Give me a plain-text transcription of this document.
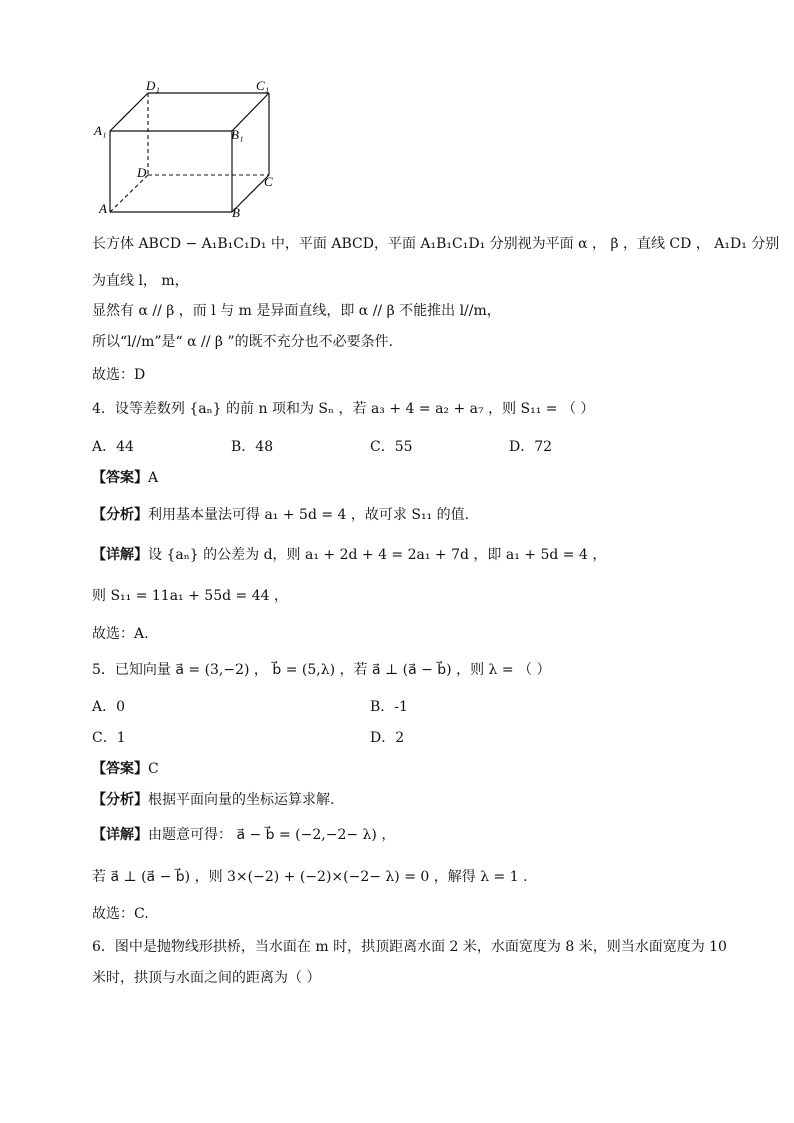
D₁	C₁
A₁	B₁
D
C
A	B
长方体 ABCD − A₁B₁C₁D₁ 中，平面 ABCD，平面 A₁B₁C₁D₁ 分别视为平面 α ， β ，直线 CD ， A₁D₁ 分别
为直线 l， m，
显然有 α // β ，而 l 与 m 是异面直线，即 α // β 不能推出 l//m，
所以“l//m”是“ α // β ”的既不充分也不必要条件.
故选：D
4．设等差数列 {aₙ} 的前 n 项和为 Sₙ ，若 a₃ + 4 = a₂ + a₇ ，则 S₁₁ = （ ）
A．44	B．48	C．55	D．72
【答案】A
【分析】利用基本量法可得 a₁ + 5d = 4 ，故可求 S₁₁ 的值.
【详解】设 {aₙ} 的公差为 d，则 a₁ + 2d + 4 = 2a₁ + 7d ，即 a₁ + 5d = 4 ，
则 S₁₁ = 11a₁ + 55d = 44 ，
故选：A.
5．已知向量 a⃗ = (3,−2) ， b⃗ = (5,λ) ，若 a⃗ ⊥ (a⃗ − b⃗) ，则 λ = （ ）
A．0	B．-1
C．1	D．2
【答案】C
【分析】根据平面向量的坐标运算求解.
【详解】由题意可得： a⃗ − b⃗ = (−2,−2− λ) ，
若 a⃗ ⊥ (a⃗ − b⃗) ，则 3×(−2) + (−2)×(−2− λ) = 0 ，解得 λ = 1 .
故选：C.
6．图中是抛物线形拱桥，当水面在 m 时，拱顶距离水面 2 米，水面宽度为 8 米，则当水面宽度为 10
米时，拱顶与水面之间的距离为（ ）
